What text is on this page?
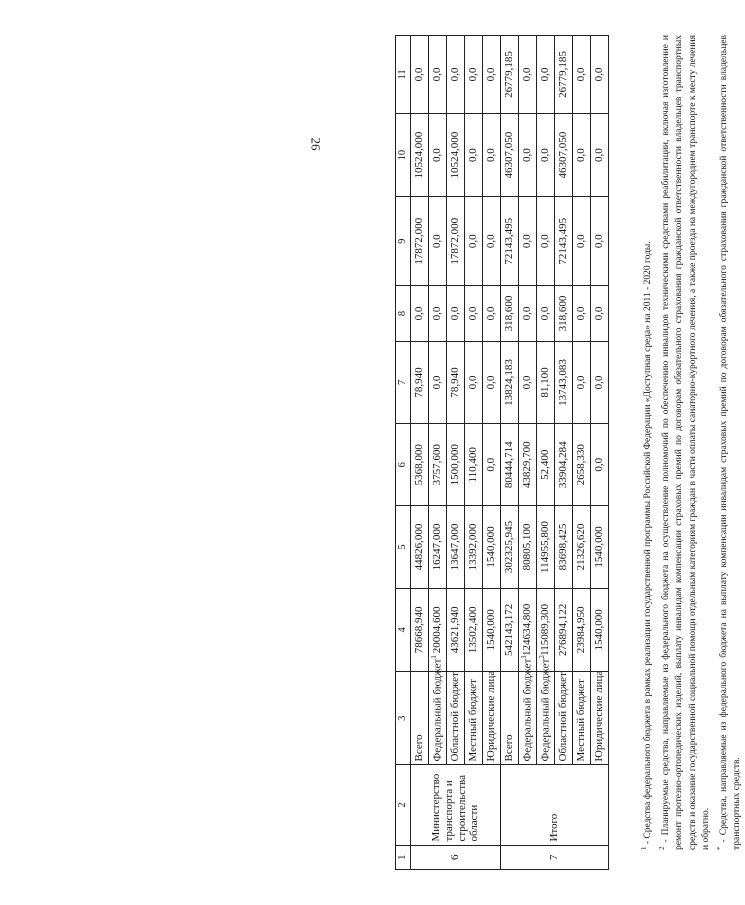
26
1	2	3	4	5	6	7	8	9	10	11
6	Министерство транспорта и строительства области	Всего	78668,940	44826,000	5368,000	78,940	0,0	17872,000	10524,000	0,0
		Федеральный бюджет$^1$	20004,600	16247,000	3757,600	0,0	0,0	0,0	0,0	0,0
		Областной бюджет	43621,940	13647,000	1500,000	78,940	0,0	17872,000	10524,000	0,0
		Местный бюджет	13502,400	13392,000	110,400	0,0	0,0	0,0	0,0	0,0
		Юридические лица	1540,000	1540,000	0,0	0,0	0,0	0,0	0,0	0,0
7	Итого	Всего	542143,172	302325,945	80444,714	13824,183	318,600	72143,495	46307,050	26779,185
		Федеральный бюджет$^1$	124634,800	80805,100	43829,700	0,0	0,0	0,0	0,0	0,0
		Федеральный бюджет$^2$	115089,300	114955,800	52,400	81,100	0,0	0,0	0,0	0,0
		Областной бюджет	276894,122	83698,425	33904,284	13743,083	318,600	72143,495	46307,050	26779,185
		Местный бюджет	23984,950	21326,620	2658,330	0,0	0,0	0,0	0,0	0,0
		Юридические лица	1540,000	1540,000	0,0	0,0	0,0	0,0	0,0	0,0

$^1$ - Средства федерального бюджета в рамках реализации государственной программы Российской Федерации «Доступная среда» на 2011 - 2020 годы.

$^2$ - Планируемые средства, направляемые из федерального бюджета на осуществление полномочий по обеспечению инвалидов техническими средствами реабилитации, включая изготовление и ремонт протезно-ортопедических изделий, выплату инвалидам компенсации страховых премий по договорам обязательного страхования гражданской ответственности владельцев транспортных средств и оказание государственной социальной помощи отдельным категориям граждан в части оплаты санаторно-курортного лечения, а также проезда на междугороднем транспорте к месту лечения и обратно. * - Средства, направляемые из федерального бюджета на выплату компенсации инвалидам страховых премий по договорам обязательного страхования гражданской ответственности владельцев транспортных средств.
